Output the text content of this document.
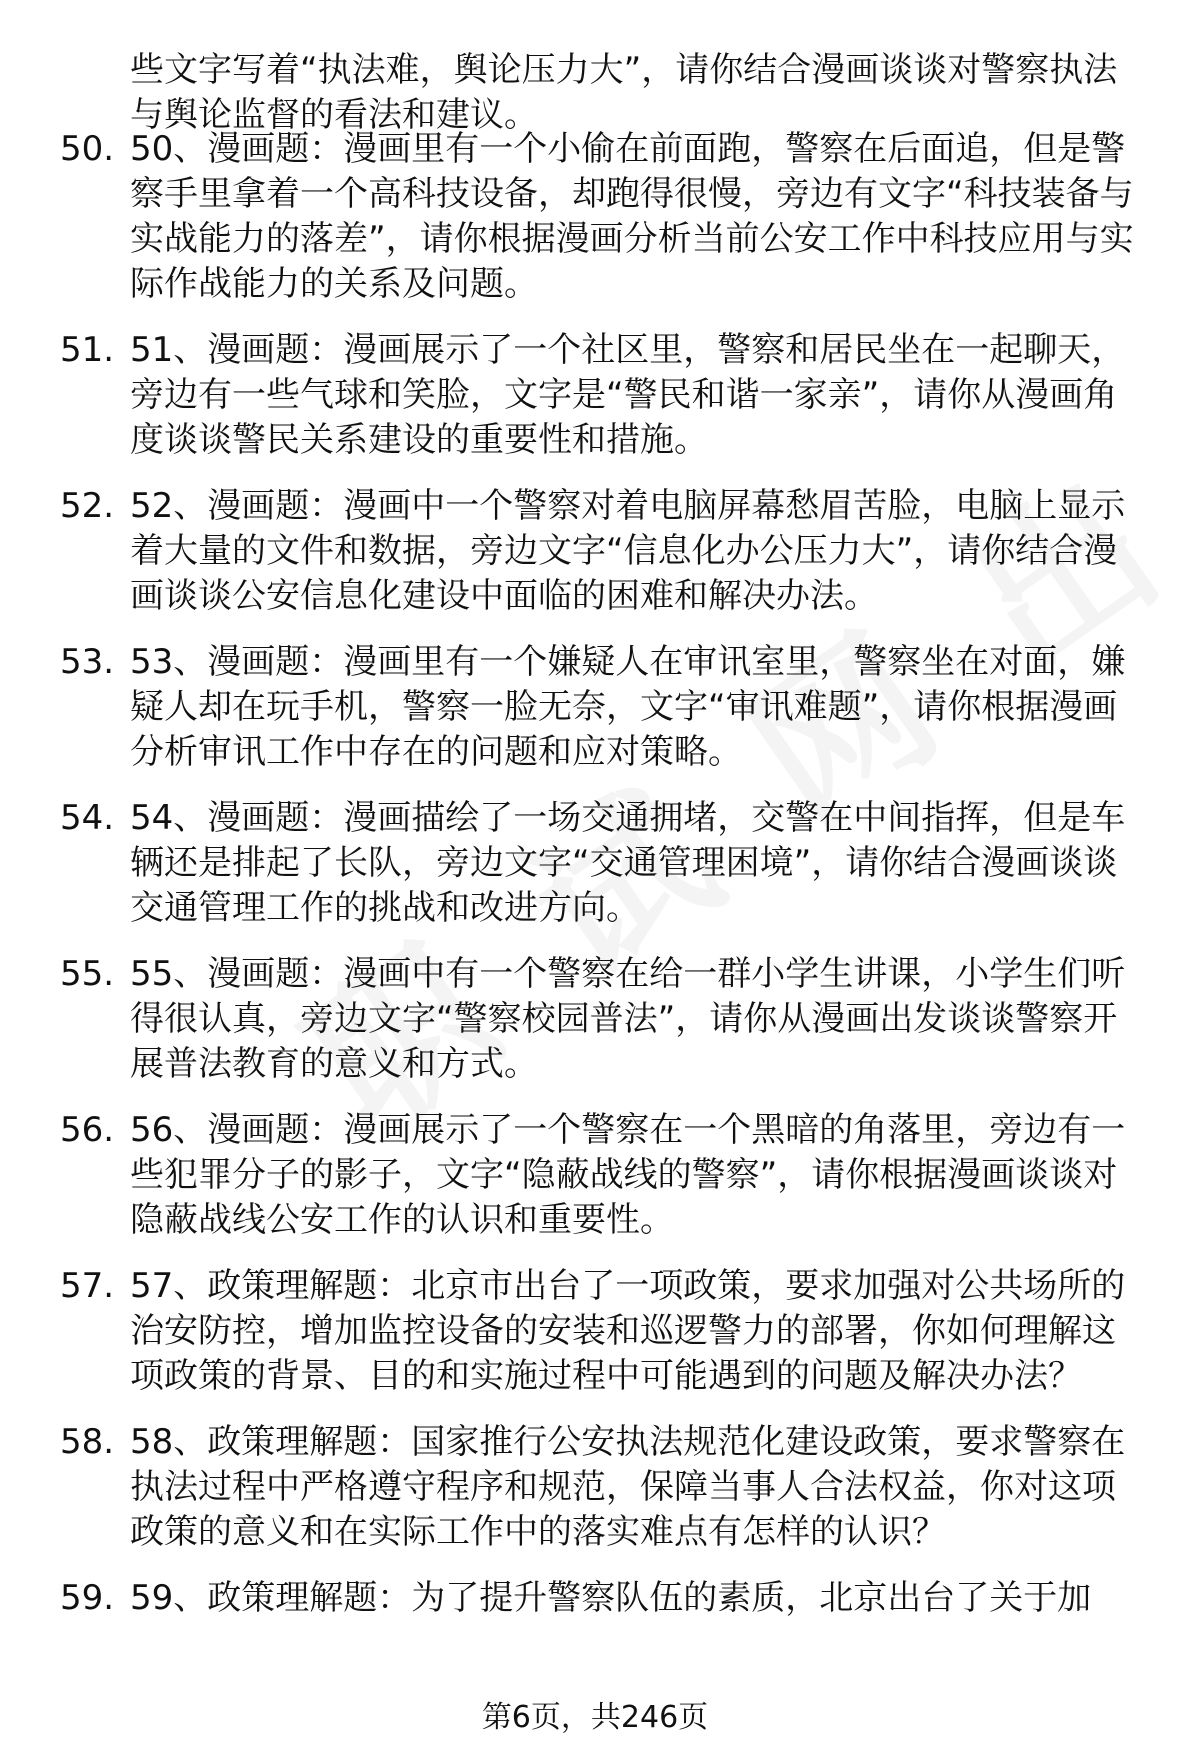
些文字写着“执法难，舆论压力大”，请你结合漫画谈谈对警察执法与舆论监督的看法和建议。

50. 50、漫画题：漫画里有一个小偷在前面跑，警察在后面追，但是警察手里拿着一个高科技设备，却跑得很慢，旁边有文字“科技装备与实战能力的落差”，请你根据漫画分析当前公安工作中科技应用与实际作战能力的关系及问题。
51. 51、漫画题：漫画展示了一个社区里，警察和居民坐在一起聊天，旁边有一些气球和笑脸，文字是“警民和谐一家亲”，请你从漫画角度谈谈警民关系建设的重要性和措施。
52. 52、漫画题：漫画中一个警察对着电脑屏幕愁眉苦脸，电脑上显示着大量的文件和数据，旁边文字“信息化办公压力大”，请你结合漫画谈谈公安信息化建设中面临的困难和解决办法。
53. 53、漫画题：漫画里有一个嫌疑人在审讯室里，警察坐在对面，嫌疑人却在玩手机，警察一脸无奈，文字“审讯难题”，请你根据漫画分析审讯工作中存在的问题和应对策略。
54. 54、漫画题：漫画描绘了一场交通拥堵，交警在中间指挥，但是车辆还是排起了长队，旁边文字“交通管理困境”，请你结合漫画谈谈交通管理工作的挑战和改进方向。
55. 55、漫画题：漫画中有一个警察在给一群小学生讲课，小学生们听得很认真，旁边文字“警察校园普法”，请你从漫画出发谈谈警察开展普法教育的意义和方式。
56. 56、漫画题：漫画展示了一个警察在一个黑暗的角落里，旁边有一些犯罪分子的影子，文字“隐蔽战线的警察”，请你根据漫画谈谈对隐蔽战线公安工作的认识和重要性。
57. 57、政策理解题：北京市出台了一项政策，要求加强对公共场所的治安防控，增加监控设备的安装和巡逻警力的部署，你如何理解这项政策的背景、目的和实施过程中可能遇到的问题及解决办法？
58. 58、政策理解题：国家推行公安执法规范化建设政策，要求警察在执法过程中严格遵守程序和规范，保障当事人合法权益，你对这项政策的意义和在实际工作中的落实难点有怎样的认识？
59. 59、政策理解题：为了提升警察队伍的素质，北京出台了关于加
第6页，共246页
